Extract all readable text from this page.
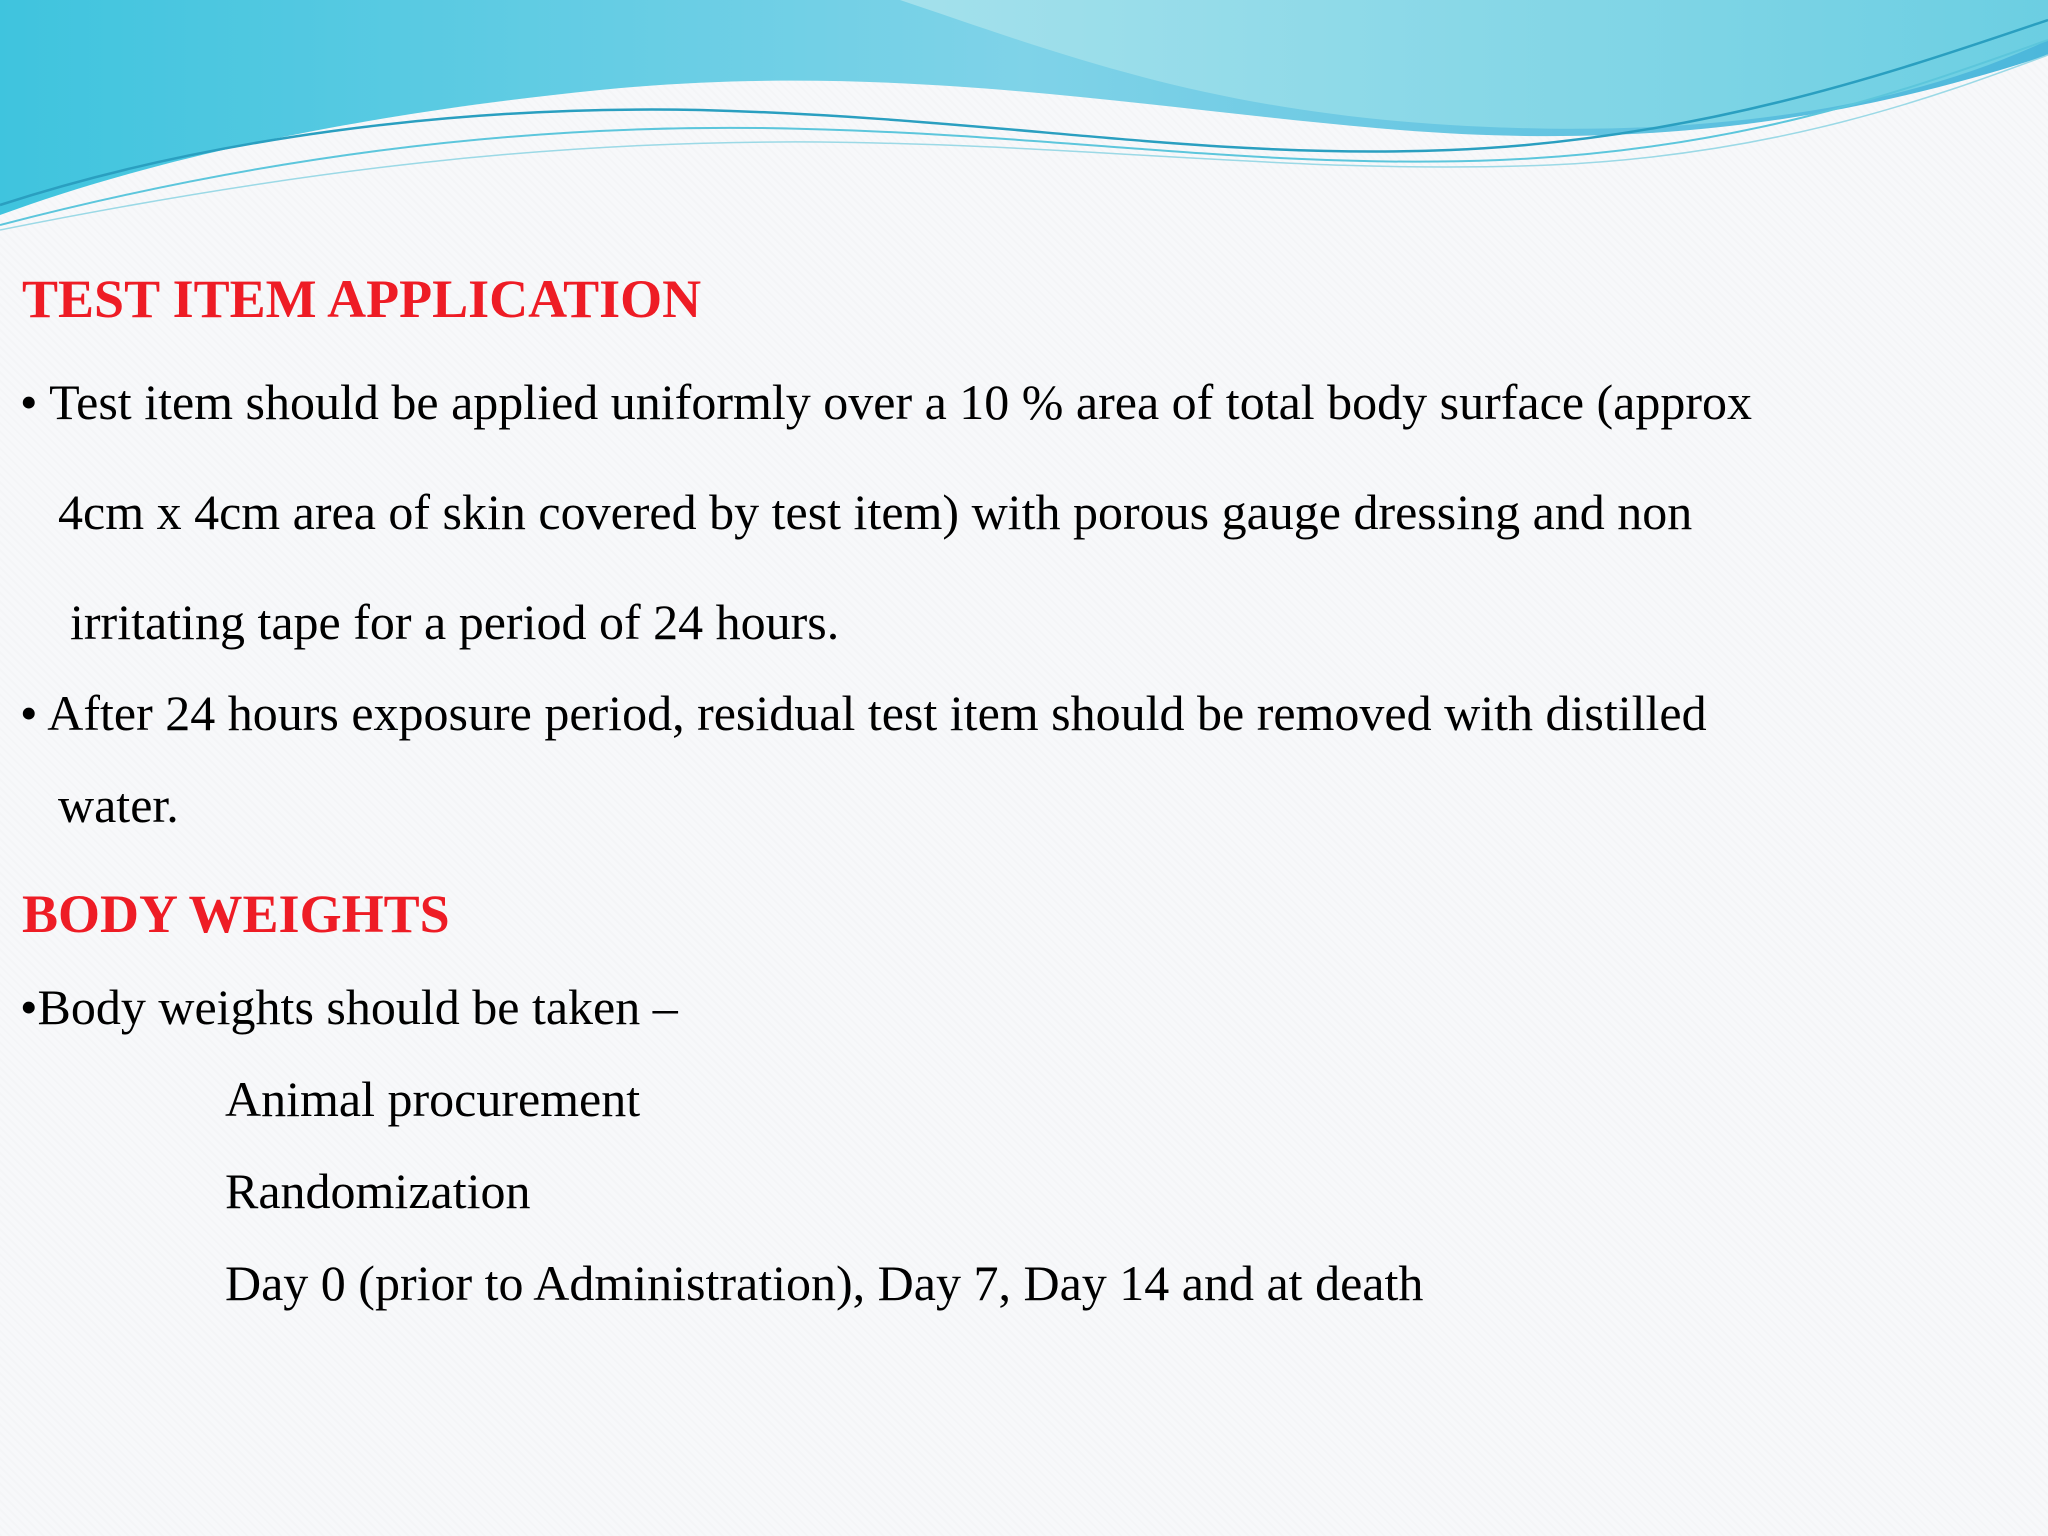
TEST ITEM APPLICATION
• Test item should be applied uniformly over a 10 % area of total body surface (approx
4cm x 4cm area of skin covered by test item) with porous gauge dressing and non
irritating tape for a period of 24 hours.
• After 24 hours exposure period, residual test item should be removed with distilled
water.
BODY WEIGHTS
•Body weights should be taken –
Animal procurement
Randomization
Day 0 (prior to Administration), Day 7, Day 14 and at death
